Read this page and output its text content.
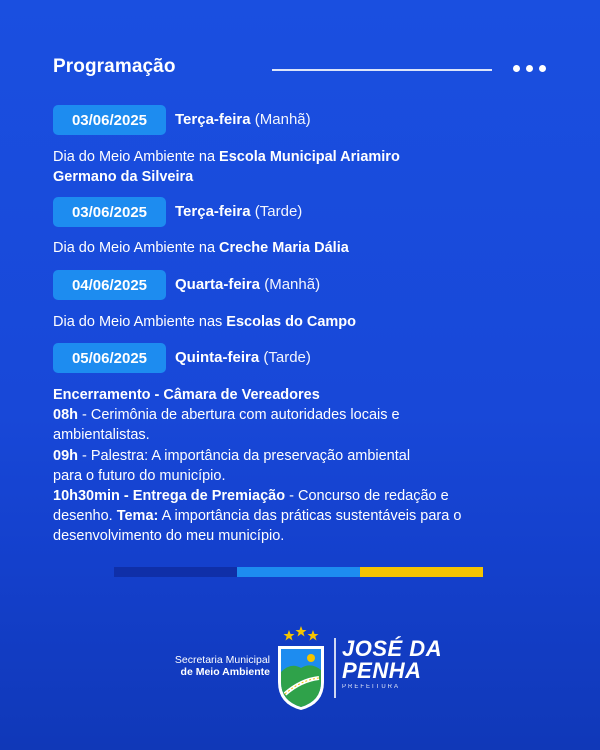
Programação
03/06/2025	Terça-feira (Manhã)
Dia do Meio Ambiente na Escola Municipal Ariamiro Germano da Silveira
03/06/2025	Terça-feira (Tarde)
Dia do Meio Ambiente na Creche Maria Dália
04/06/2025	Quarta-feira (Manhã)
Dia do Meio Ambiente nas Escolas do Campo
05/06/2025	Quinta-feira (Tarde)
Encerramento - Câmara de Vereadores
08h - Cerimônia de abertura com autoridades locais e
ambientalistas.
09h - Palestra: A importância da preservação ambiental
para o futuro do município.
10h30min - Entrega de Premiação - Concurso de redação e
desenho. Tema: A importância das práticas sustentáveis para o
desenvolvimento do meu município.
Secretaria Municipal
de Meio Ambiente
JOSÉ DA
PENHA
PREFEITURA
